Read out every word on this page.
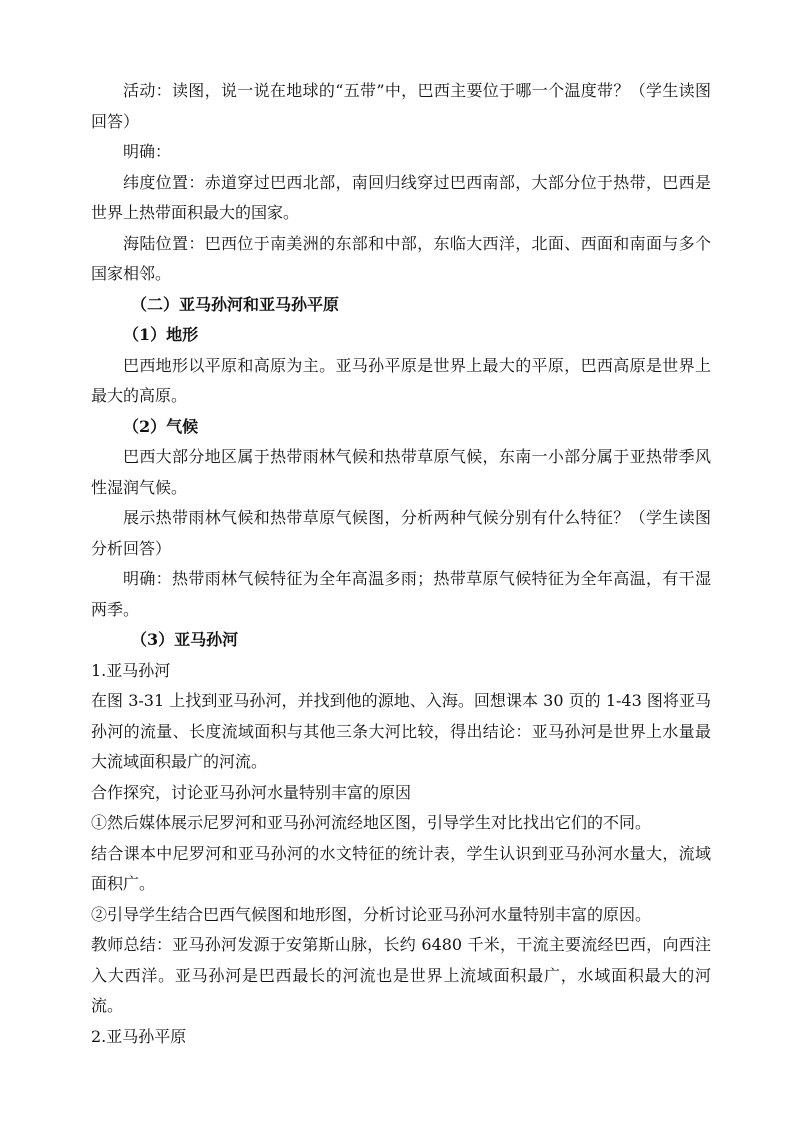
活动：读图，说一说在地球的“五带”中，巴西主要位于哪一个温度带？（学生读图回答）

明确：

纬度位置：赤道穿过巴西北部，南回归线穿过巴西南部，大部分位于热带，巴西是世界上热带面积最大的国家。

海陆位置：巴西位于南美洲的东部和中部，东临大西洋，北面、西面和南面与多个国家相邻。

（二）亚马孙河和亚马孙平原

（1）地形

巴西地形以平原和高原为主。亚马孙平原是世界上最大的平原，巴西高原是世界上最大的高原。

（2）气候

巴西大部分地区属于热带雨林气候和热带草原气候，东南一小部分属于亚热带季风性湿润气候。

展示热带雨林气候和热带草原气候图，分析两种气候分别有什么特征？（学生读图分析回答）

明确：热带雨林气候特征为全年高温多雨；热带草原气候特征为全年高温，有干湿两季。

（3）亚马孙河

1.亚马孙河

在图 3-31 上找到亚马孙河，并找到他的源地、入海。回想课本 30 页的 1-43 图将亚马孙河的流量、长度流域面积与其他三条大河比较，得出结论：亚马孙河是世界上水量最大流域面积最广的河流。

合作探究，讨论亚马孙河水量特别丰富的原因

①然后媒体展示尼罗河和亚马孙河流经地区图，引导学生对比找出它们的不同。

结合课本中尼罗河和亚马孙河的水文特征的统计表，学生认识到亚马孙河水量大，流域面积广。

②引导学生结合巴西气候图和地形图，分析讨论亚马孙河水量特别丰富的原因。

教师总结：亚马孙河发源于安第斯山脉，长约 6480 千米，干流主要流经巴西，向西注入大西洋。亚马孙河是巴西最长的河流也是世界上流域面积最广，水域面积最大的河流。

2.亚马孙平原
